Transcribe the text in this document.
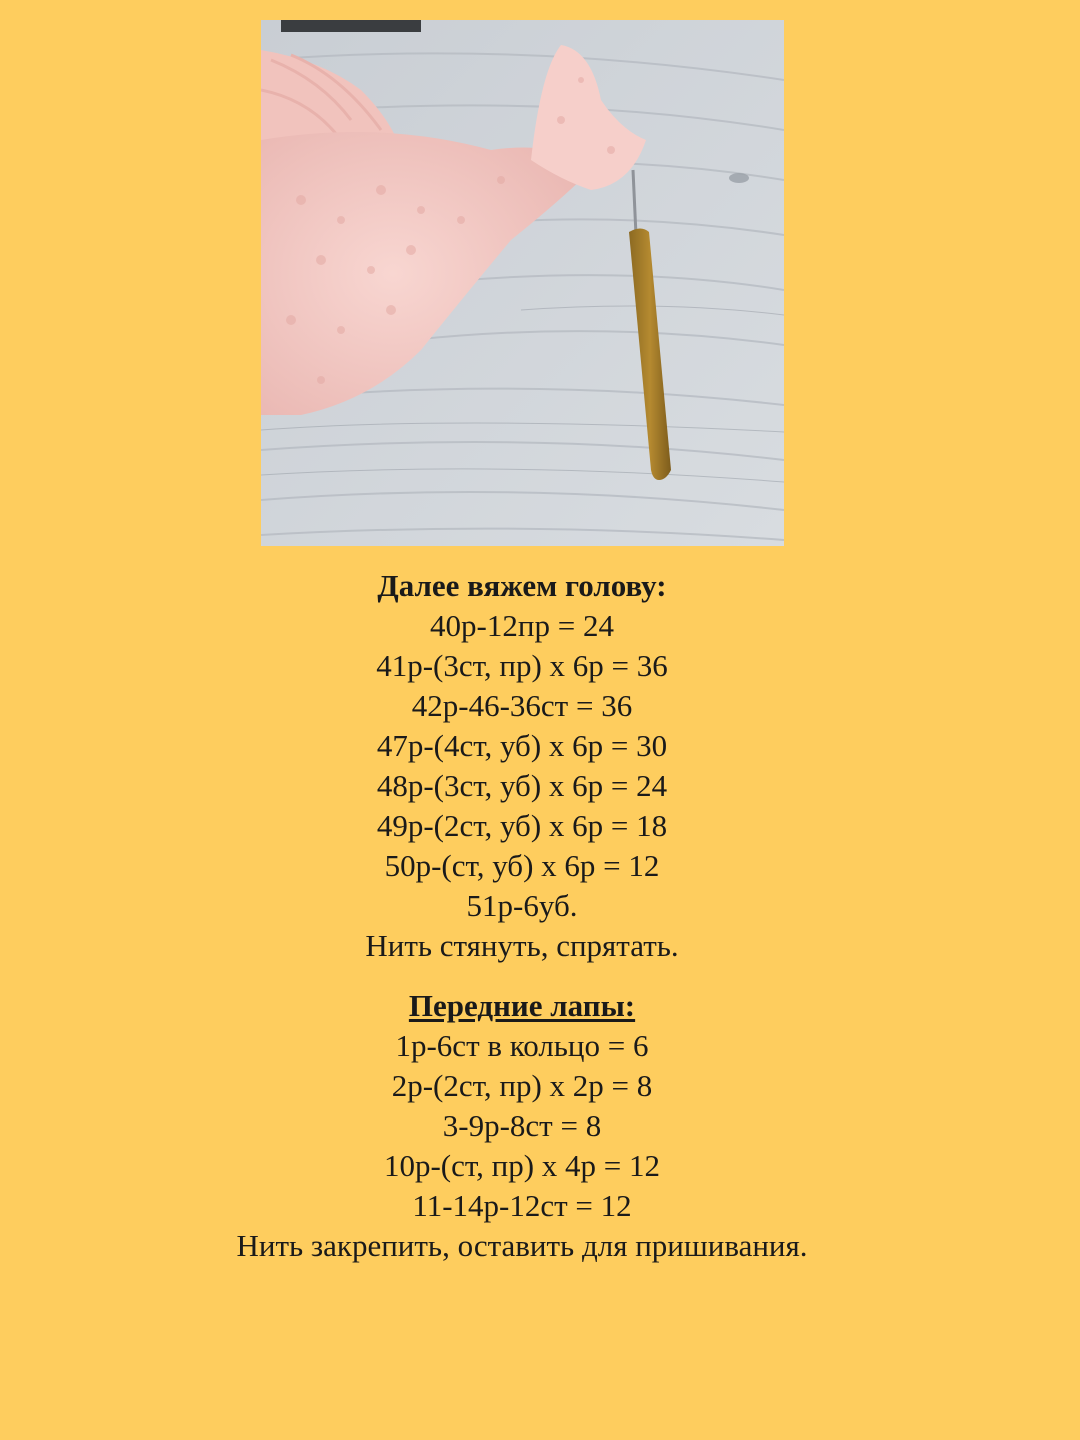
Далее вяжем голову:
40р-12пр = 24
41р-(3ст, пр) х 6р = 36
42р-46-36ст = 36
47р-(4ст, уб) х 6р = 30
48р-(3ст, уб) х 6р = 24
49р-(2ст, уб) х 6р = 18
50р-(ст, уб) х 6р = 12
51р-6уб.
Нить стянуть, спрятать.
Передние лапы:
1р-6ст в кольцо = 6
2р-(2ст, пр) х 2р = 8
3-9р-8ст = 8
10р-(ст, пр) х 4р = 12
11-14р-12ст = 12
Нить закрепить, оставить для пришивания.
